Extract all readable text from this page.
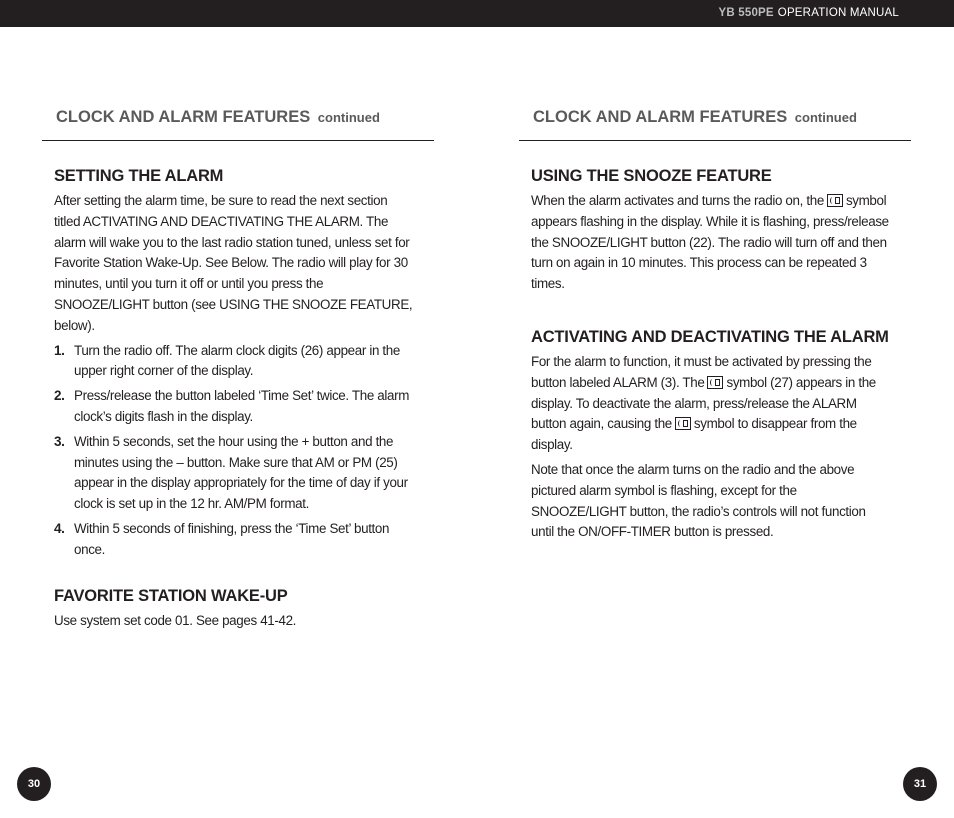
YB 550PE OPERATION MANUAL
CLOCK AND ALARM FEATURES continued
SETTING THE ALARM

After setting the alarm time, be sure to read the next section titled ACTIVATING AND DEACTIVATING THE ALARM. The alarm will wake you to the last radio station tuned, unless set for Favorite Station Wake-Up. See Below. The radio will play for 30 minutes, until you turn it off or until you press the SNOOZE/LIGHT button (see USING THE SNOOZE FEATURE, below).

1. Turn the radio off. The alarm clock digits (26) appear in the upper right corner of the display.
2. Press/release the button labeled ‘Time Set’ twice. The alarm clock’s digits flash in the display.
3. Within 5 seconds, set the hour using the + button and the minutes using the – button. Make sure that AM or PM (25) appear in the display appropriately for the time of day if your clock is set up in the 12 hr. AM/PM format.
4. Within 5 seconds of finishing, press the ‘Time Set’ button once.
FAVORITE STATION WAKE-UP

Use system set code 01. See pages 41-42.

CLOCK AND ALARM FEATURES continued
USING THE SNOOZE FEATURE

When the alarm activates and turns the radio on, the symbol appears flashing in the display. While it is flashing, press/release the SNOOZE/LIGHT button (22). The radio will turn off and then turn on again in 10 minutes. This process can be repeated 3 times.

ACTIVATING AND DEACTIVATING THE ALARM

For the alarm to function, it must be activated by pressing the button labeled ALARM (3). The symbol (27) appears in the display. To deactivate the alarm, press/release the ALARM button again, causing the symbol to disappear from the display.

Note that once the alarm turns on the radio and the above pictured alarm symbol is flashing, except for the SNOOZE/LIGHT button, the radio’s controls will not function until the ON/OFF-TIMER button is pressed.

30	31
